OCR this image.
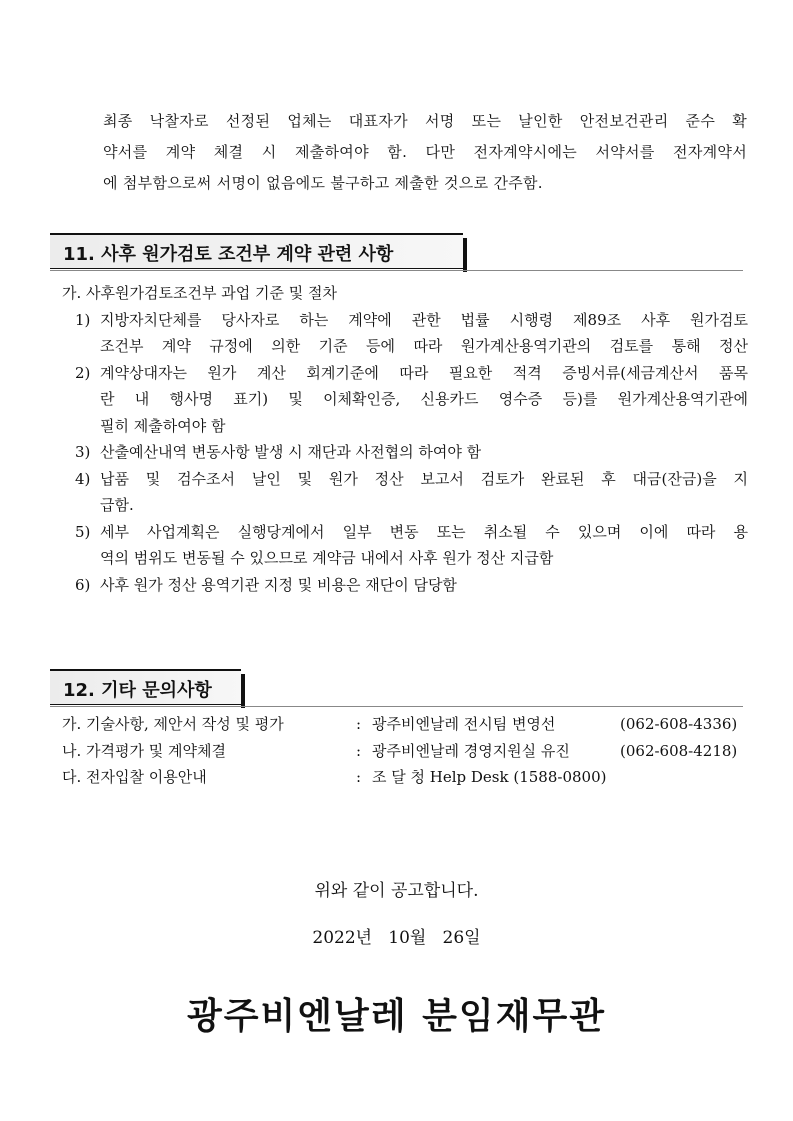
최종 낙찰자로 선정된 업체는 대표자가 서명 또는 날인한 안전보건관리 준수 확
약서를 계약 체결 시 제출하여야 함. 다만 전자계약시에는 서약서를 전자계약서
에 첨부함으로써 서명이 없음에도 불구하고 제출한 것으로 간주함.
11. 사후 원가검토 조건부 계약 관련 사항
가. 사후원가검토조건부 과업 기준 및 절차
1) 지방자치단체를 당사자로 하는 계약에 관한 법률 시행령 제89조 사후 원가검토
조건부 계약 규정에 의한 기준 등에 따라 원가계산용역기관의 검토를 통해 정산
2) 계약상대자는 원가 계산 회계기준에 따라 필요한 적격 증빙서류(세금계산서 품목
란 내 행사명 표기) 및 이체확인증, 신용카드 영수증 등)를 원가계산용역기관에
필히 제출하여야 함
3) 산출예산내역 변동사항 발생 시 재단과 사전협의 하여야 함
4) 납품 및 검수조서 날인 및 원가 정산 보고서 검토가 완료된 후 대금(잔금)을 지
급함.
5) 세부 사업계획은 실행당계에서 일부 변동 또는 취소될 수 있으며 이에 따라 용
역의 범위도 변동될 수 있으므로 계약금 내에서 사후 원가 정산 지급함
6) 사후 원가 정산 용역기관 지정 및 비용은 재단이 담당함
12. 기타 문의사항
가. 기술사항, 제안서 작성 및 평가	: 광주비엔날레 전시팀 변영선	(062-608-4336)
나. 가격평가 및 계약체결	: 광주비엔날레 경영지원실 유진	(062-608-4218)
다. 전자입찰 이용안내	: 조 달 청 Help Desk (1588-0800)
위와 같이 공고합니다.
2022년   10월   26일
광주비엔날레 분임재무관
